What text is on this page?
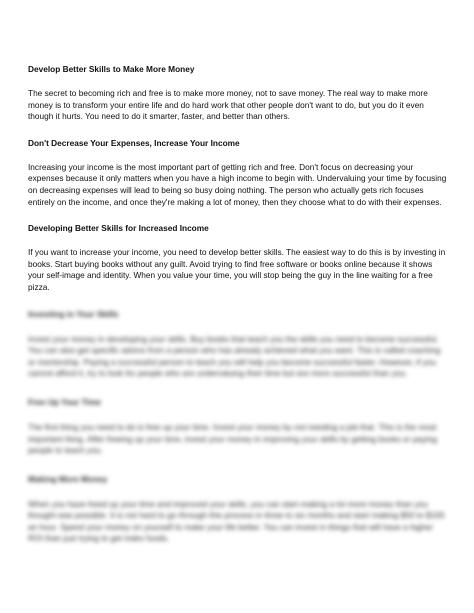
Develop Better Skills to Make More Money

The secret to becoming rich and free is to make more money, not to save money. The real way to make more money is to transform your entire life and do hard work that other people don't want to do, but you do it even though it hurts. You need to do it smarter, faster, and better than others.

Don't Decrease Your Expenses, Increase Your Income

Increasing your income is the most important part of getting rich and free. Don't focus on decreasing your expenses because it only matters when you have a high income to begin with. Undervaluing your time by focusing on decreasing expenses will lead to being so busy doing nothing. The person who actually gets rich focuses entirely on the income, and once they're making a lot of money, then they choose what to do with their expenses.

Developing Better Skills for Increased Income

If you want to increase your income, you need to develop better skills. The easiest way to do this is by investing in books. Start buying books without any guilt. Avoid trying to find free software or books online because it shows your self-image and identity. When you value your time, you will stop being the guy in the line waiting for a free pizza.

Investing in Your Skills

Invest your money in developing your skills. Buy books that teach you the skills you need to become successful. You can also get specific advice from a person who has already achieved what you want. This is called coaching or mentorship. Paying a successful person to teach you will help you become successful faster. However, if you cannot afford it, try to look for people who are undervaluing their time but are more successful than you.

Free Up Your Time

The first thing you need to do is free up your time. Invest your money by not needing a job that. This is the most important thing. After freeing up your time, invest your money in improving your skills by getting books or paying people to teach you.

Making More Money

When you have freed up your time and improved your skills, you can start making a lot more money than you thought was possible. It is not hard to go through this process in three to six months and start making $50 to $100 an hour. Spend your money on yourself to make your life better. You can invest in things that will have a higher ROI than just trying to get index funds.
